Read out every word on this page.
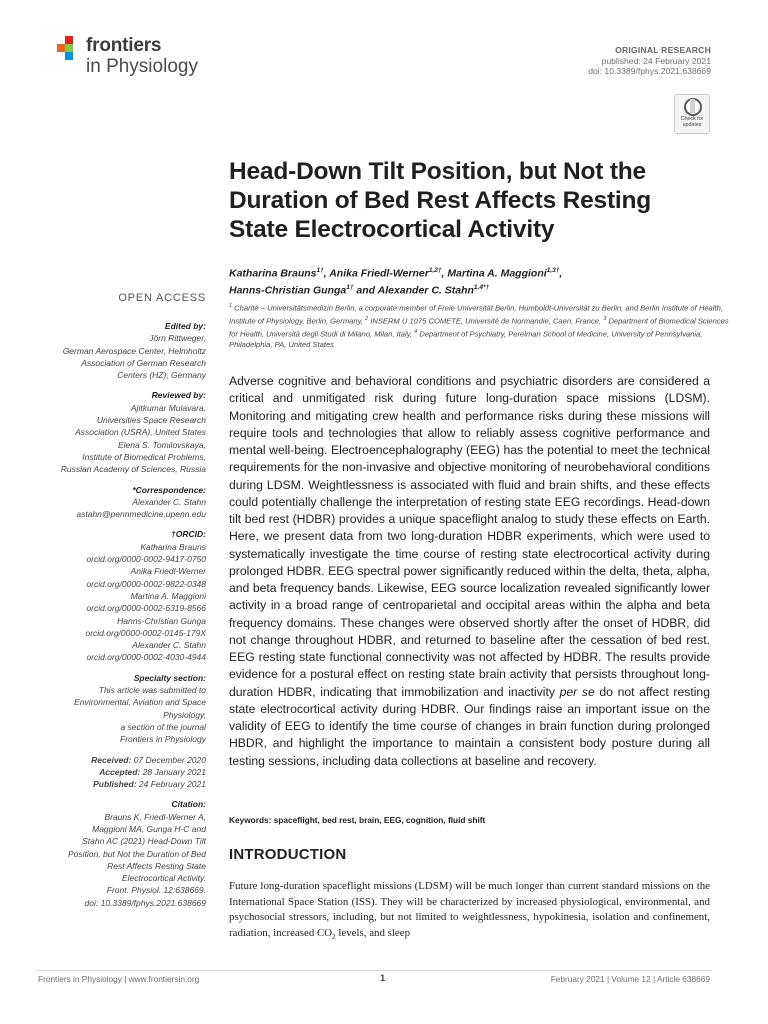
frontiers
in Physiology
ORIGINAL RESEARCH
published: 24 February 2021
doi: 10.3389/fphys.2021.638669
Check for
updates
Head-Down Tilt Position, but Not the
Duration of Bed Rest Affects Resting
State Electrocortical Activity
Katharina Brauns$^{1\dagger}$, Anika Friedl-Werner$^{1,2\dagger}$, Martina A. Maggioni$^{1,3\dagger}$,
Hanns-Christian Gunga$^{1\dagger}$ and Alexander C. Stahn$^{1,4*\dagger}$
$^1$ Charité – Universitätsmedizin Berlin, a corporate member of Freie Universität Berlin, Humboldt-Universität zu Berlin, and Berlin Institute of Health, Institute of Physiology, Berlin, Germany, $^2$ INSERM U 1075 COMETE, Université de Normandie, Caen, France, $^3$ Department of Biomedical Sciences for Health, Università degli Studi di Milano, Milan, Italy, $^4$ Department of Psychiatry, Perelman School of Medicine, University of Pennsylvania, Philadelphia, PA, United States
OPEN ACCESS
Edited by:
Jörn Rittweger,
German Aerospace Center, Helmholtz
Association of German Research
Centers (HZ), Germany
Reviewed by:
Ajitkumar Mulavara,
Universities Space Research
Association (USRA), United States
Elena S. Tomilovskaya,
Institute of Biomedical Problems,
Russian Academy of Sciences, Russia
*Correspondence:
Alexander C. Stahn
astahn@pennmedicine.upenn.edu
†ORCID:
Katharina Brauns
orcid.org/0000-0002-9417-0750
Anika Friedl-Werner
orcid.org/0000-0002-9822-0348
Martina A. Maggioni
orcid.org/0000-0002-6319-8566
Hanns-Christian Gunga
orcid.org/0000-0002-0145-179X
Alexander C. Stahn
orcid.org/0000-0002-4030-4944
Specialty section:
This article was submitted to
Environmental, Aviation and Space
Physiology,
a section of the journal
Frontiers in Physiology
Received: 07 December 2020
Accepted: 28 January 2021
Published: 24 February 2021
Citation:
Brauns K, Friedl-Werner A,
Maggioni MA, Gunga H-C and
Stahn AC (2021) Head-Down Tilt
Position, but Not the Duration of Bed
Rest Affects Resting State
Electrocortical Activity.
Front. Physiol. 12:638669.
doi: 10.3389/fphys.2021.638669
Adverse cognitive and behavioral conditions and psychiatric disorders are considered a critical and unmitigated risk during future long-duration space missions (LDSM). Monitoring and mitigating crew health and performance risks during these missions will require tools and technologies that allow to reliably assess cognitive performance and mental well-being. Electroencephalography (EEG) has the potential to meet the technical requirements for the non-invasive and objective monitoring of neurobehavioral conditions during LDSM. Weightlessness is associated with fluid and brain shifts, and these effects could potentially challenge the interpretation of resting state EEG recordings. Head-down tilt bed rest (HDBR) provides a unique spaceflight analog to study these effects on Earth. Here, we present data from two long-duration HDBR experiments, which were used to systematically investigate the time course of resting state electrocortical activity during prolonged HDBR. EEG spectral power significantly reduced within the delta, theta, alpha, and beta frequency bands. Likewise, EEG source localization revealed significantly lower activity in a broad range of centroparietal and occipital areas within the alpha and beta frequency domains. These changes were observed shortly after the onset of HDBR, did not change throughout HDBR, and returned to baseline after the cessation of bed rest. EEG resting state functional connectivity was not affected by HDBR. The results provide evidence for a postural effect on resting state brain activity that persists throughout long-duration HDBR, indicating that immobilization and inactivity per se do not affect resting state electrocortical activity during HDBR. Our findings raise an important issue on the validity of EEG to identify the time course of changes in brain function during prolonged HBDR, and highlight the importance to maintain a consistent body posture during all testing sessions, including data collections at baseline and recovery.
Keywords: spaceflight, bed rest, brain, EEG, cognition, fluid shift
INTRODUCTION
Future long-duration spaceflight missions (LDSM) will be much longer than current standard missions on the International Space Station (ISS). They will be characterized by increased physiological, environmental, and psychosocial stressors, including, but not limited to weightlessness, hypokinesia, isolation and confinement, radiation, increased $CO_2$ levels, and sleep
Frontiers in Physiology | www.frontiersin.org	1	February 2021 | Volume 12 | Article 638669
